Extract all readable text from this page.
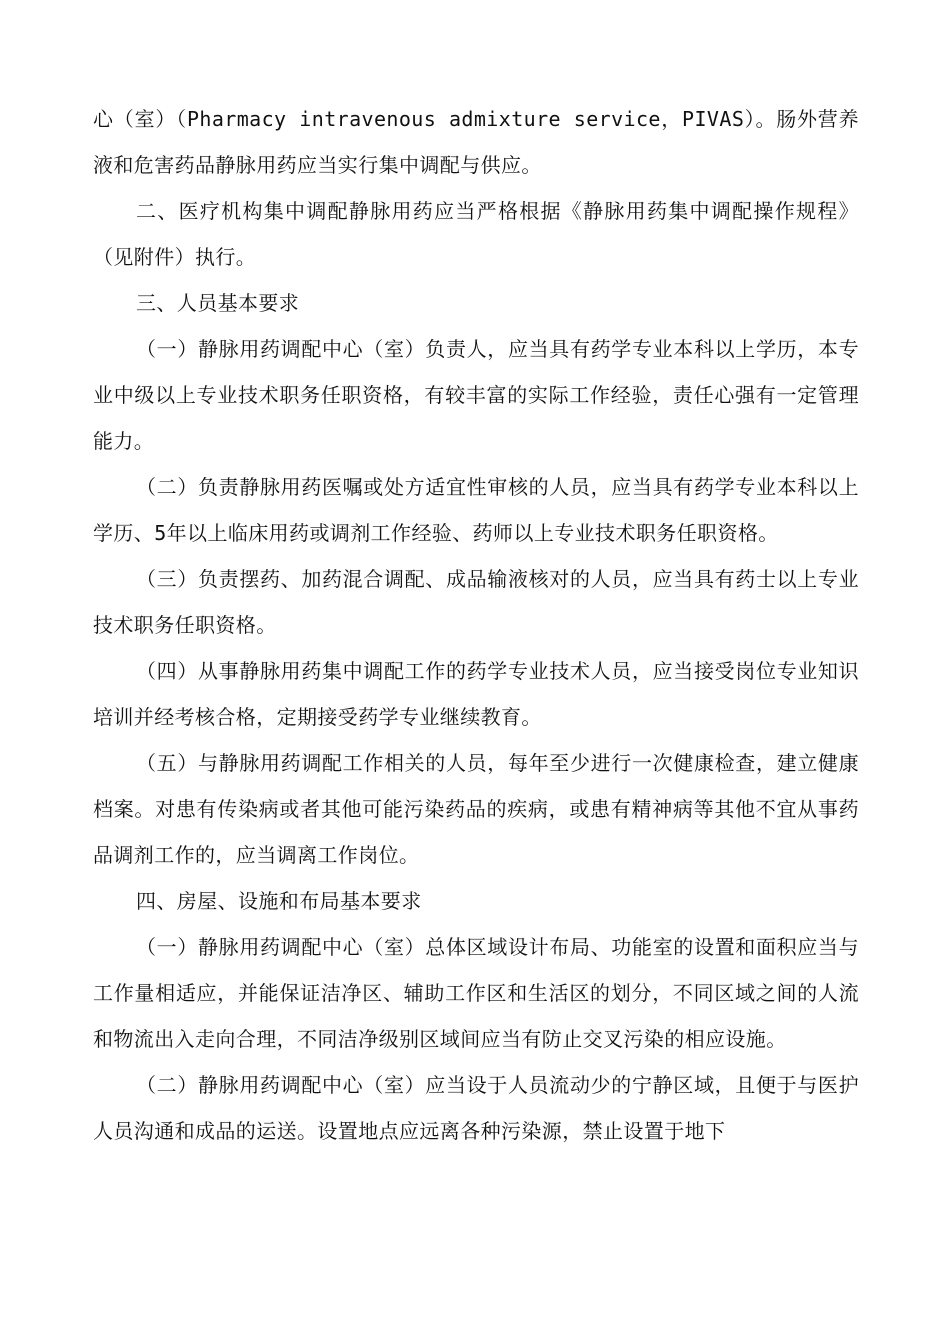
心（室）（Pharmacy intravenous admixture service，PIVAS）。肠外营养液和危害药品静脉用药应当实行集中调配与供应。

二、医疗机构集中调配静脉用药应当严格根据《静脉用药集中调配操作规程》（见附件）执行。

三、人员基本要求

（一）静脉用药调配中心（室）负责人，应当具有药学专业本科以上学历，本专业中级以上专业技术职务任职资格，有较丰富的实际工作经验，责任心强有一定管理能力。

（二）负责静脉用药医嘱或处方适宜性审核的人员，应当具有药学专业本科以上学历、5年以上临床用药或调剂工作经验、药师以上专业技术职务任职资格。

（三）负责摆药、加药混合调配、成品输液核对的人员，应当具有药士以上专业技术职务任职资格。

（四）从事静脉用药集中调配工作的药学专业技术人员，应当接受岗位专业知识培训并经考核合格，定期接受药学专业继续教育。

（五）与静脉用药调配工作相关的人员，每年至少进行一次健康检查，建立健康档案。对患有传染病或者其他可能污染药品的疾病，或患有精神病等其他不宜从事药品调剂工作的，应当调离工作岗位。

四、房屋、设施和布局基本要求

（一）静脉用药调配中心（室）总体区域设计布局、功能室的设置和面积应当与工作量相适应，并能保证洁净区、辅助工作区和生活区的划分，不同区域之间的人流和物流出入走向合理，不同洁净级别区域间应当有防止交叉污染的相应设施。

（二）静脉用药调配中心（室）应当设于人员流动少的宁静区域，且便于与医护人员沟通和成品的运送。设置地点应远离各种污染源，禁止设置于地下
